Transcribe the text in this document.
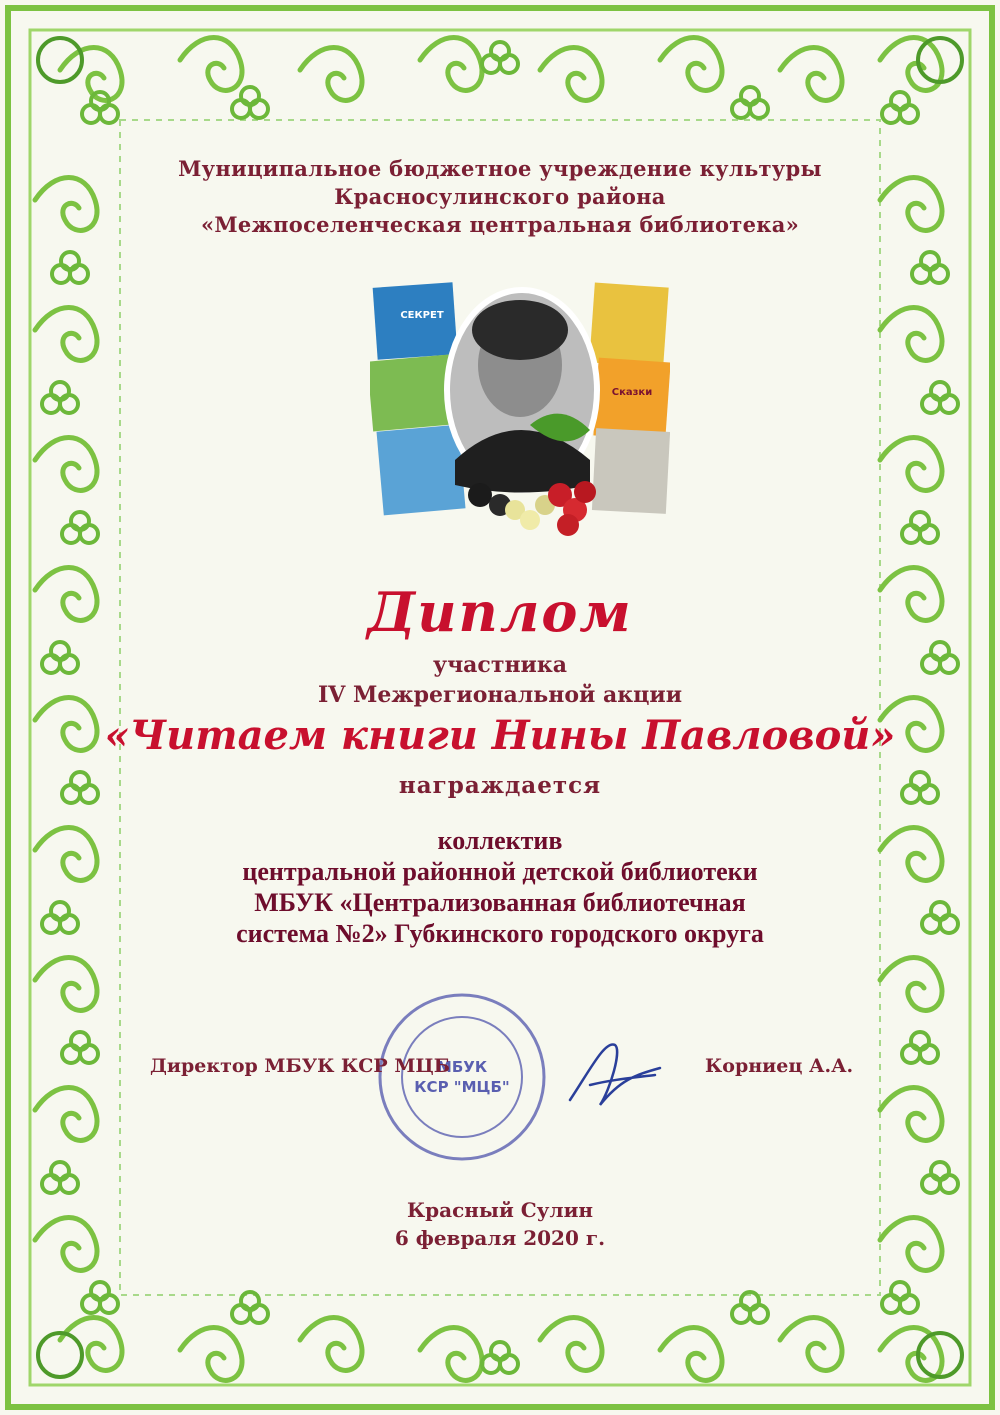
Муниципальное бюджетное учреждение культуры
Красносулинского района
«Межпоселенческая центральная библиотека»
СЕКРЕТ
Сказки
Диплом
участника
IV Межрегиональной акции
«Читаем книги Нины Павловой»
награждается
коллектив
центральной районной детской библиотеки
МБУК «Централизованная библиотечная
система №2» Губкинского городского округа
МБУК
КСР "МЦБ"
Директор МБУК КСР МЦБ	Корниец А.А.
Красный Сулин
6 февраля 2020 г.
